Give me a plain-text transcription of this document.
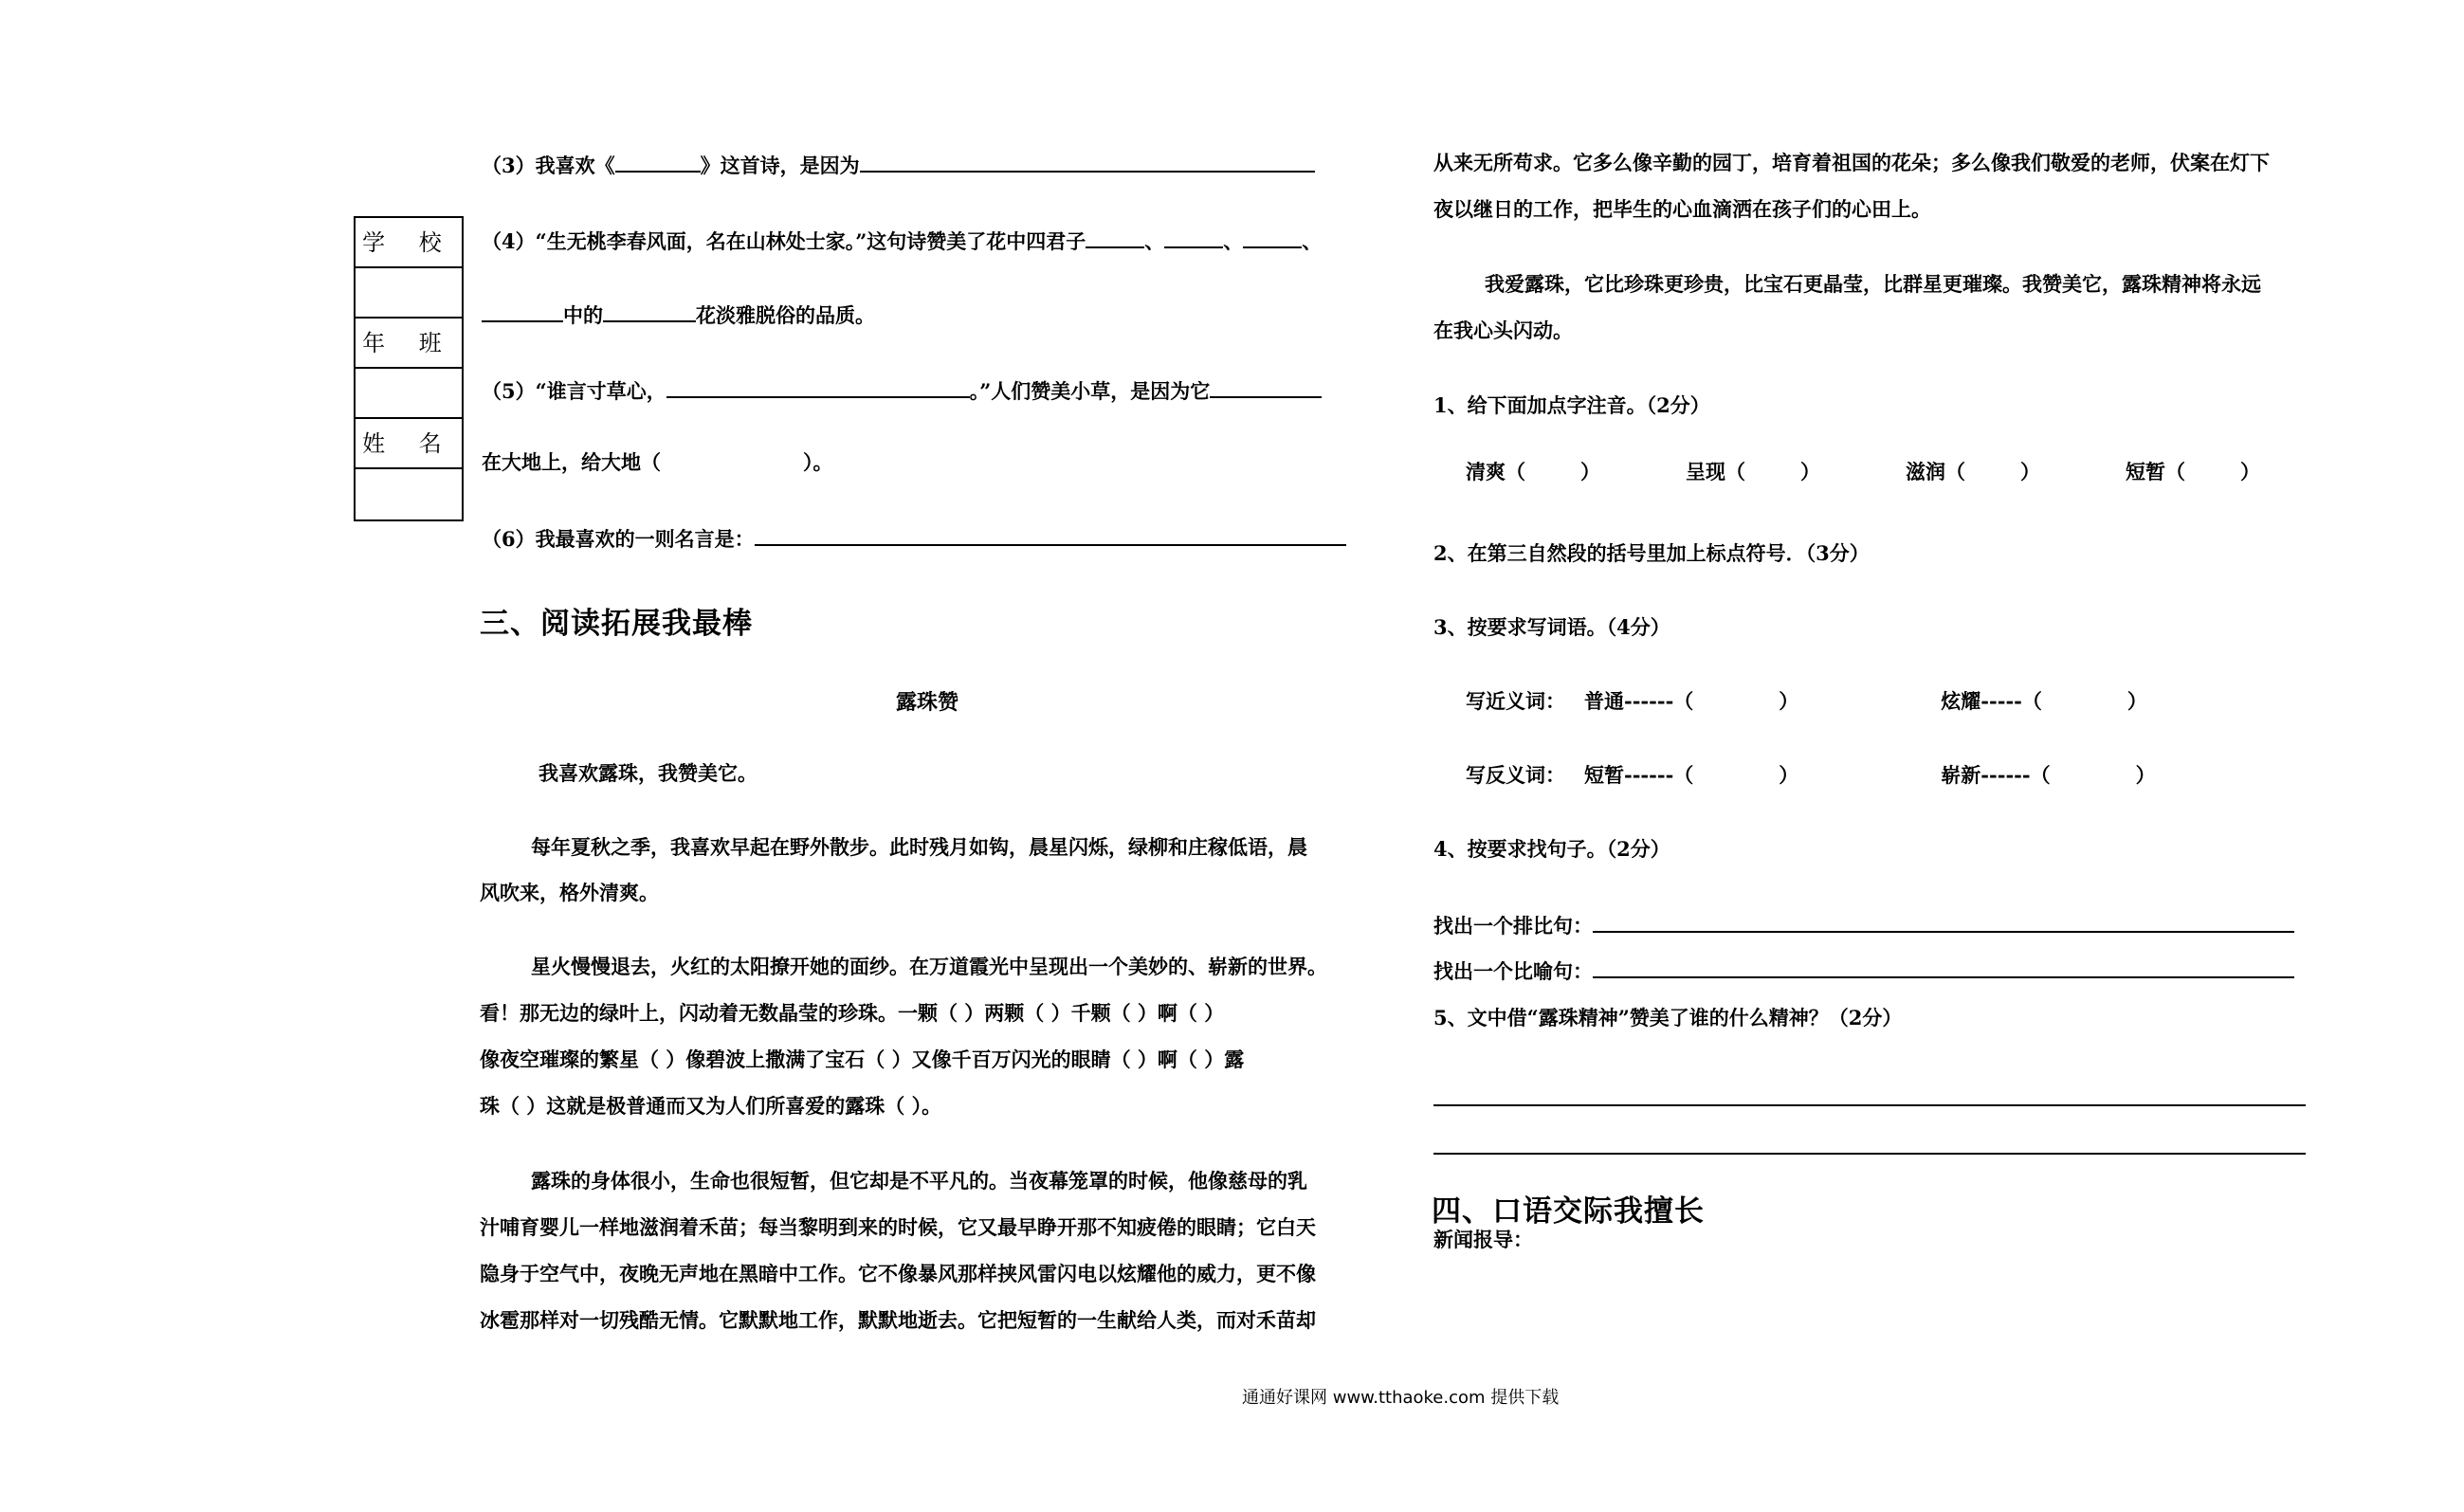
学 校
年 班
姓 名
（3）我喜欢《	》这首诗，是因为
（4）“生无桃李春风面，名在山林处士家。”这句诗赞美了花中四君子	、	、	、
中的	花淡雅脱俗的品质。
（5）“谁言寸草心，	。”人们赞美小草，是因为它
在大地上，给大地（	）。
（6）我最喜欢的一则名言是：
三、阅读拓展我最棒
露珠赞
我喜欢露珠，我赞美它。
每年夏秋之季，我喜欢早起在野外散步。此时残月如钩，晨星闪烁，绿柳和庄稼低语，晨
风吹来，格外清爽。
星火慢慢退去，火红的太阳撩开她的面纱。在万道霞光中呈现出一个美妙的、崭新的世界。
看！那无边的绿叶上，闪动着无数晶莹的珍珠。一颗（ ）两颗（ ）千颗（ ）啊（ ）
像夜空璀璨的繁星（ ）像碧波上撒满了宝石（ ）又像千百万闪光的眼睛（ ）啊（ ）露
珠（ ）这就是极普通而又为人们所喜爱的露珠（ ）。
露珠的身体很小，生命也很短暂，但它却是不平凡的。当夜幕笼罩的时候，他像慈母的乳
汁哺育婴儿一样地滋润着禾苗；每当黎明到来的时候，它又最早睁开那不知疲倦的眼睛；它白天
隐身于空气中，夜晚无声地在黑暗中工作。它不像暴风那样挟风雷闪电以炫耀他的威力，更不像
冰雹那样对一切残酷无情。它默默地工作，默默地逝去。它把短暂的一生献给人类，而对禾苗却
从来无所苟求。它多么像辛勤的园丁，培育着祖国的花朵；多么像我们敬爱的老师，伏案在灯下
夜以继日的工作，把毕生的心血滴洒在孩子们的心田上。
我爱露珠，它比珍珠更珍贵，比宝石更晶莹，比群星更璀璨。我赞美它，露珠精神将永远
在我心头闪动。
1、给下面加点字注音。（2分）
清爽（	）	呈现（	）	滋润（	）	短暂（	）
2、在第三自然段的括号里加上标点符号．（3分）
3、按要求写词语。（4分）
写近义词： 普通------（	）	炫耀-----（	）
写反义词： 短暂------（	）	崭新------（	）
4、按要求找句子。（2分）
找出一个排比句：
找出一个比喻句：
5、文中借“露珠精神”赞美了谁的什么精神？（2分）
四、口语交际我擅长
新闻报导：
通通好课网 www.tthaoke.com 提供下载
